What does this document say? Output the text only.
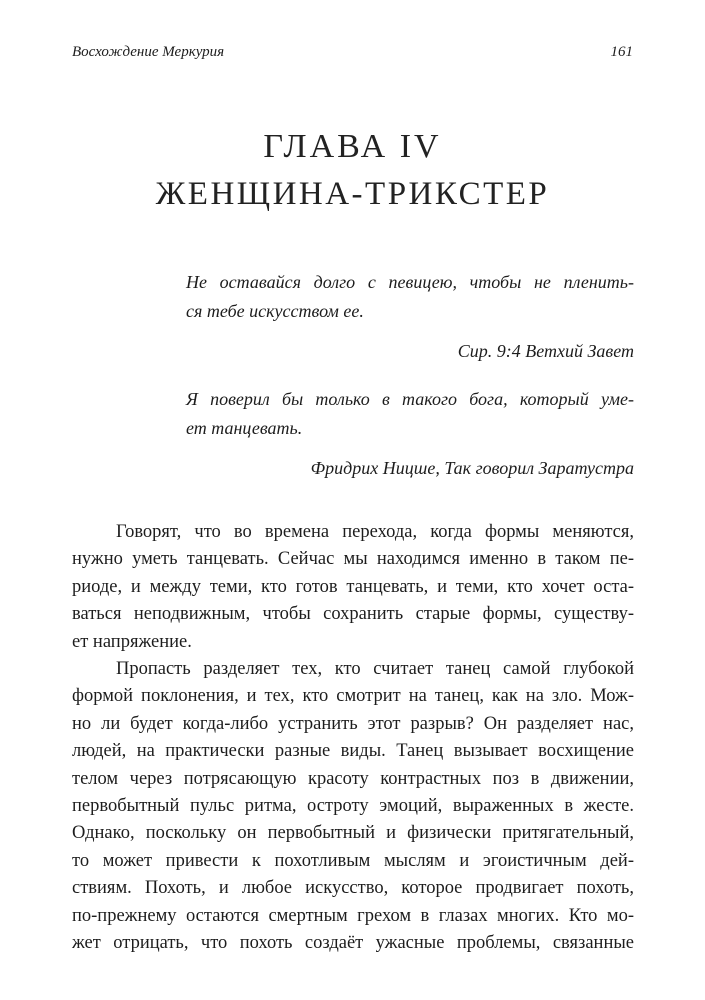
Восхождение Меркурия	161
ГЛАВА IV
ЖЕНЩИНА-ТРИКСТЕР
Не оставайся долго с певицею, чтобы не пленить-
ся тебе искусством ее.
Сир. 9:4 Ветхий Завет
Я поверил бы только в такого бога, который уме-
ет танцевать.
Фридрих Ницше, Так говорил Заратустра
Говорят, что во времена перехода, когда формы меняются,
нужно уметь танцевать. Сейчас мы находимся именно в таком пе-
риоде, и между теми, кто готов танцевать, и теми, кто хочет оста-
ваться неподвижным, чтобы сохранить старые формы, существу-
ет напряжение.
Пропасть разделяет тех, кто считает танец самой глубокой
формой поклонения, и тех, кто смотрит на танец, как на зло. Мож-
но ли будет когда-либо устранить этот разрыв? Он разделяет нас,
людей, на практически разные виды. Танец вызывает восхищение
телом через потрясающую красоту контрастных поз в движении,
первобытный пульс ритма, остроту эмоций, выраженных в жесте.
Однако, поскольку он первобытный и физически притягательный,
то может привести к похотливым мыслям и эгоистичным дей-
ствиям. Похоть, и любое искусство, которое продвигает похоть,
по-прежнему остаются смертным грехом в глазах многих. Кто мо-
жет отрицать, что похоть создаёт ужасные проблемы, связанные
